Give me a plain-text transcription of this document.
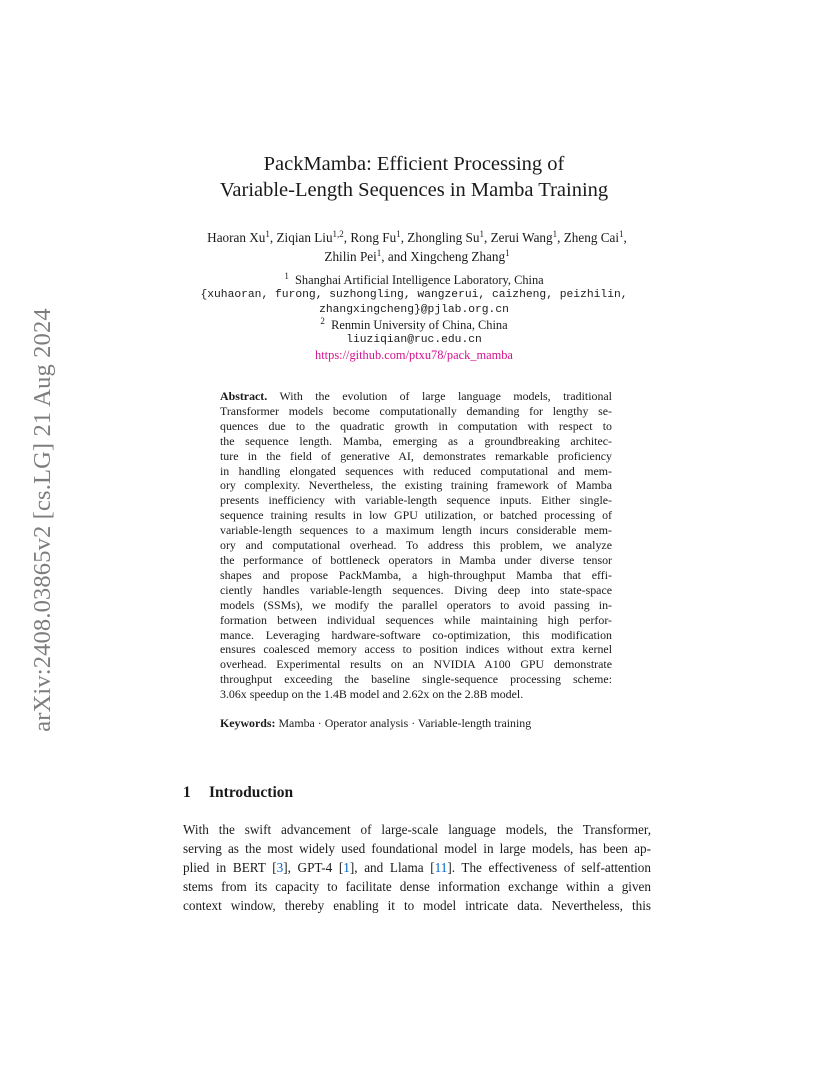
arXiv:2408.03865v2 [cs.LG] 21 Aug 2024
PackMamba: Efficient Processing of
Variable-Length Sequences in Mamba Training
Haoran Xu$^1$, Ziqian Liu$^{1,2}$, Rong Fu$^1$, Zhongling Su$^1$, Zerui Wang$^1$, Zheng Cai$^1$, Zhilin Pei$^1$, and Xingcheng Zhang$^1$
$^1$ Shanghai Artificial Intelligence Laboratory, China
{xuhaoran, furong, suzhongling, wangzerui, caizheng, peizhilin,
zhangxingcheng}@pjlab.org.cn
$^2$ Renmin University of China, China
liuziqian@ruc.edu.cn
https://github.com/ptxu78/pack_mamba
Abstract. With the evolution of large language models, traditional
Transformer models become computationally demanding for lengthy se-
quences due to the quadratic growth in computation with respect to
the sequence length. Mamba, emerging as a groundbreaking architec-
ture in the field of generative AI, demonstrates remarkable proficiency
in handling elongated sequences with reduced computational and mem-
ory complexity. Nevertheless, the existing training framework of Mamba
presents inefficiency with variable-length sequence inputs. Either single-
sequence training results in low GPU utilization, or batched processing of
variable-length sequences to a maximum length incurs considerable mem-
ory and computational overhead. To address this problem, we analyze
the performance of bottleneck operators in Mamba under diverse tensor
shapes and propose PackMamba, a high-throughput Mamba that effi-
ciently handles variable-length sequences. Diving deep into state-space
models (SSMs), we modify the parallel operators to avoid passing in-
formation between individual sequences while maintaining high perfor-
mance. Leveraging hardware-software co-optimization, this modification
ensures coalesced memory access to position indices without extra kernel
overhead. Experimental results on an NVIDIA A100 GPU demonstrate
throughput exceeding the baseline single-sequence processing scheme:
3.06x speedup on the 1.4B model and 2.62x on the 2.8B model.
Keywords: Mamba · Operator analysis · Variable-length training
1 Introduction
With the swift advancement of large-scale language models, the Transformer,
serving as the most widely used foundational model in large models, has been ap-
plied in BERT [3], GPT-4 [1], and Llama [11]. The effectiveness of self-attention
stems from its capacity to facilitate dense information exchange within a given
context window, thereby enabling it to model intricate data. Nevertheless, this
